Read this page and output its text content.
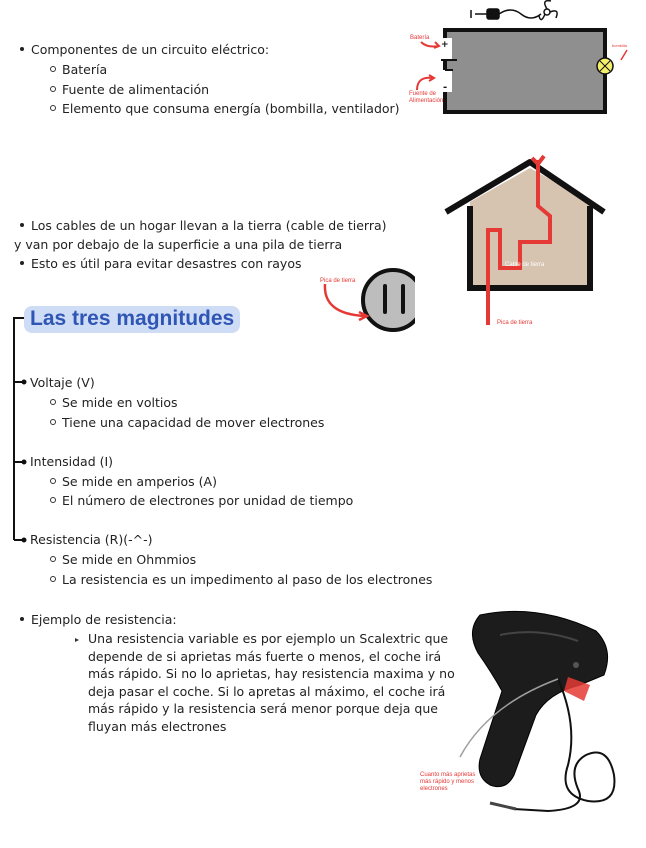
Componentes de un circuito eléctrico:
Batería
Fuente de alimentación
Elemento que consuma energía (bombilla, ventilador)
+
-
Batería
Fuente de Alimentación
bombilla
Los cables de un hogar llevan a la tierra (cable de tierra)
y van por debajo de la superficie a una pila de tierra
Esto es útil para evitar desastres con rayos	Cable de tierra
Pica de tierra
Pica de tierra
Las tres magnitudes
Voltaje (V)
Se mide en voltios
Tiene una capacidad de mover electrones
Intensidad (I)
Se mide en amperios (A)
El número de electrones por unidad de tiempo
Resistencia (R)(-^-)
Se mide en Ohmmios
La resistencia es un impedimento al paso de los electrones
Ejemplo de resistencia:
Una resistencia variable es por ejemplo un Scalextric que depende de si aprietas más fuerte o menos, el coche irá más rápido. Si no lo aprietas, hay resistencia maxima y no deja pasar el coche. Si lo apretas al máximo, el coche irá más rápido y la resistencia será menor porque deja que fluyan más electrones
Cuanto más aprietas más rápido y menos electrones
